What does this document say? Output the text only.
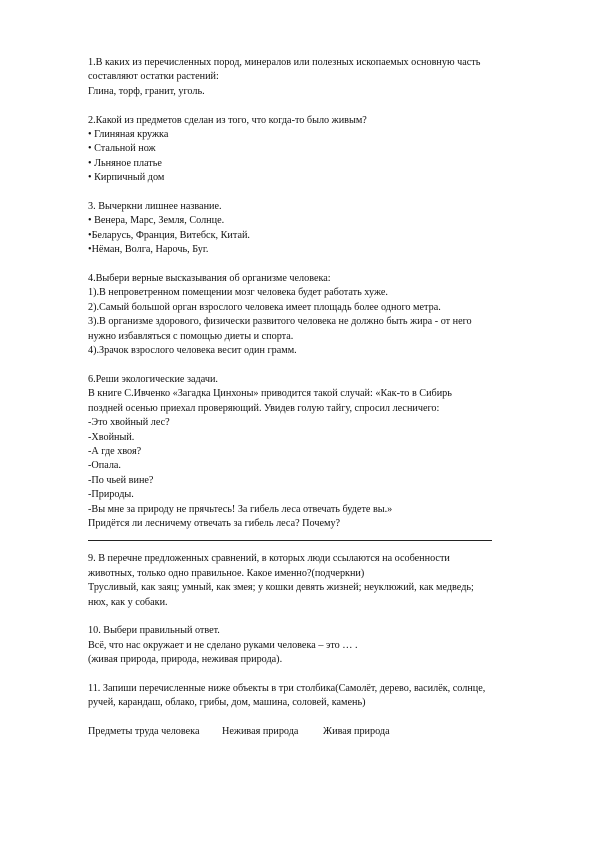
1.В каких из перечисленных пород, минералов или полезных ископаемых основную часть
составляют остатки растений:
Глина, торф, гранит, уголь.
2.Какой из предметов сделан из того, что когда-то было живым?
• Глиняная кружка
• Стальной нож
• Льняное платье
• Кирпичный дом
3. Вычеркни лишнее название.
• Венера, Марс, Земля, Солнце.
•Беларусь, Франция, Витебск, Китай.
•Нёман, Волга, Нарочь, Буг.
4.Выбери верные высказывания об организме человека:
1).В непроветренном помещении мозг человека будет работать хуже.
2).Самый большой орган взрослого человека имеет площадь более одного метра.
3).В организме здорового, физически развитого человека не должно быть жира - от него
нужно избавляться с помощью диеты и спорта.
4).Зрачок взрослого человека весит один грамм.
6.Реши экологические задачи.
В книге С.Ивченко «Загадка Цинхоны» приводится такой случай: «Как-то в Сибирь
поздней осенью приехал проверяющий. Увидев голую тайгу, спросил лесничего:
-Это хвойный лес?
-Хвойный.
-А где хвоя?
-Опала.
-По чьей вине?
-Природы.
-Вы мне за природу не прячьтесь! За гибель леса отвечать будете вы.»
Придётся ли лесничему отвечать за гибель леса? Почему?
9. В перечне предложенных сравнений, в которых люди ссылаются на особенности
животных, только одно правильное. Какое именно?(подчеркни)
Трусливый, как заяц; умный, как змея; у кошки девять жизней; неуклюжий, как медведь;
нюх, как у собаки.
10. Выбери правильный ответ.
Всё, что нас окружает и не сделано руками человека – это … .
(живая природа, природа, неживая природа).
11. Запиши перечисленные ниже объекты в три столбика(Самолёт, дерево, василёк, солнце,
ручей, карандаш, облако, грибы, дом, машина, соловей, камень)
Предметы труда человека Неживая природа Живая природа
